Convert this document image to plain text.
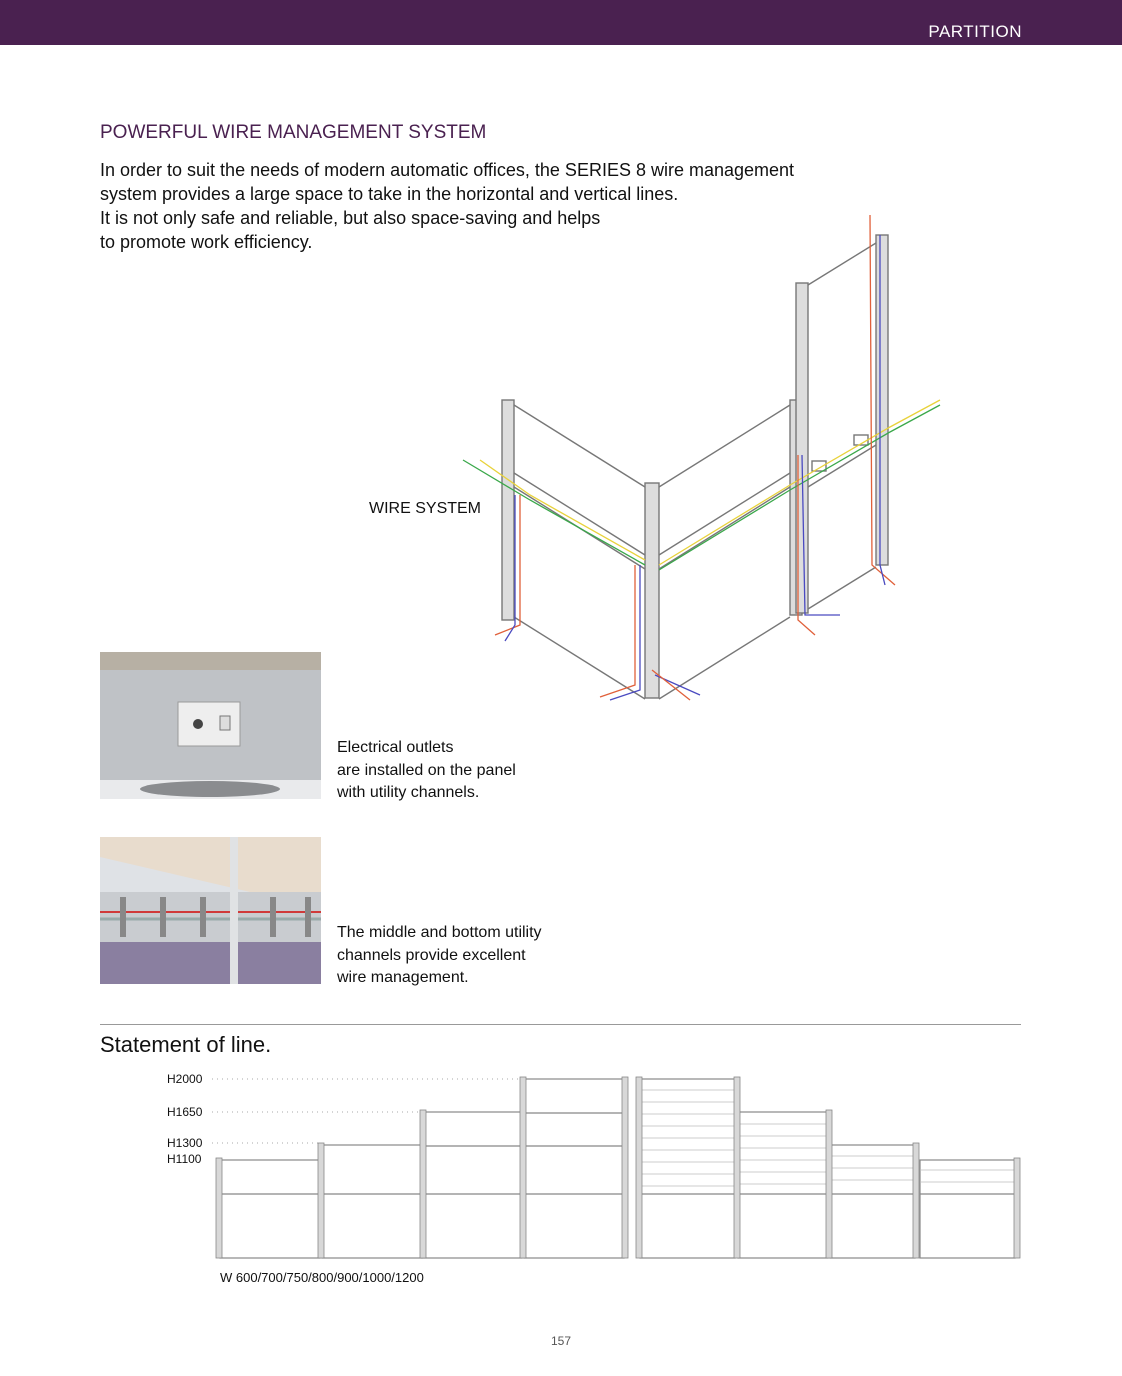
PARTITION
POWERFUL WIRE MANAGEMENT SYSTEM
In order to suit the needs of modern automatic offices, the SERIES 8 wire management
system provides a large space to take in the horizontal and vertical lines.
It is not only safe and reliable, but also space-saving and helps
to promote work efficiency.
WIRE SYSTEM
Electrical outlets
are installed on the panel
with utility channels.
The middle and bottom utility
channels provide excellent
wire management.
Statement of line.
H2000
H1650
H1300
H1100
W 600/700/750/800/900/1000/1200
157
